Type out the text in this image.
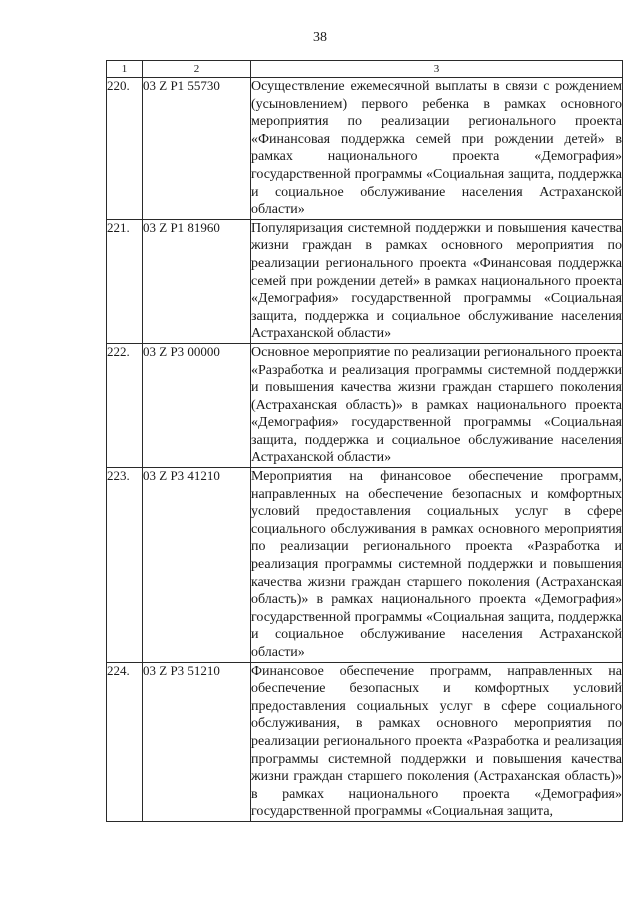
38
1	2	3
220.	03 Z P1 55730	Осуществление ежемесячной выплаты в связи с рождением (усыновлением) первого ребенка в рамках основного мероприятия по реализации регионального проекта «Финансовая поддержка семей при рождении детей» в рамках национального проекта «Демография» государственной программы «Социальная защита, поддержка и социальное обслуживание населения Астраханской области»
221.	03 Z P1 81960	Популяризация системной поддержки и повышения качества жизни граждан в рамках основного мероприятия по реализации регионального проекта «Финансовая поддержка семей при рождении детей» в рамках национального проекта «Демография» государственной программы «Социальная защита, поддержка и социальное обслуживание населения Астраханской области»
222.	03 Z P3 00000	Основное мероприятие по реализации регионального проекта «Разработка и реализация программы системной поддержки и повышения качества жизни граждан старшего поколения (Астраханская область)» в рамках национального проекта «Демография» государственной программы «Социальная защита, поддержка и социальное обслуживание населения Астраханской области»
223.	03 Z P3 41210	Мероприятия на финансовое обеспечение программ, направленных на обеспечение безопасных и комфортных условий предоставления социальных услуг в сфере социального обслуживания в рамках основного мероприятия по реализации регионального проекта «Разработка и реализация программы системной поддержки и повышения качества жизни граждан старшего поколения (Астраханская область)» в рамках национального проекта «Демография» государственной программы «Социальная защита, поддержка и социальное обслуживание населения Астраханской области»
224.	03 Z P3 51210	Финансовое обеспечение программ, направленных на обеспечение безопасных и комфортных условий предоставления социальных услуг в сфере социального обслуживания, в рамках основного мероприятия по реализации регионального проекта «Разработка и реализация программы системной поддержки и повышения качества жизни граждан старшего поколения (Астраханская область)» в рамках национального проекта «Демография» государственной программы «Социальная защита,
